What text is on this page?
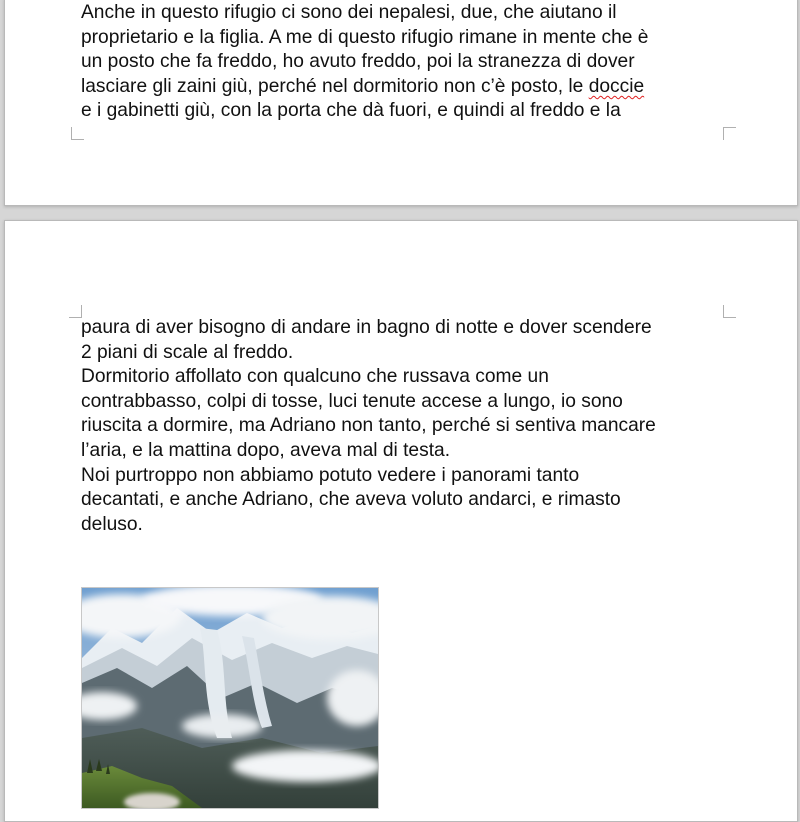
Anche in questo rifugio ci sono dei nepalesi, due, che aiutano il
proprietario e la figlia. A me di questo rifugio rimane in mente che è
un posto che fa freddo, ho avuto freddo, poi la stranezza di dover
lasciare gli zaini giù, perché nel dormitorio non c’è posto, le doccie
e i gabinetti giù, con la porta che dà fuori, e quindi al freddo e la
paura di aver bisogno di andare in bagno di notte e dover scendere
2 piani di scale al freddo.
Dormitorio affollato con qualcuno che russava come un
contrabbasso, colpi di tosse, luci tenute accese a lungo, io sono
riuscita a dormire, ma Adriano non tanto, perché si sentiva mancare
l’aria, e la mattina dopo, aveva mal di testa.
Noi purtroppo non abbiamo potuto vedere i panorami tanto
decantati, e anche Adriano, che aveva voluto andarci, e rimasto
deluso.
